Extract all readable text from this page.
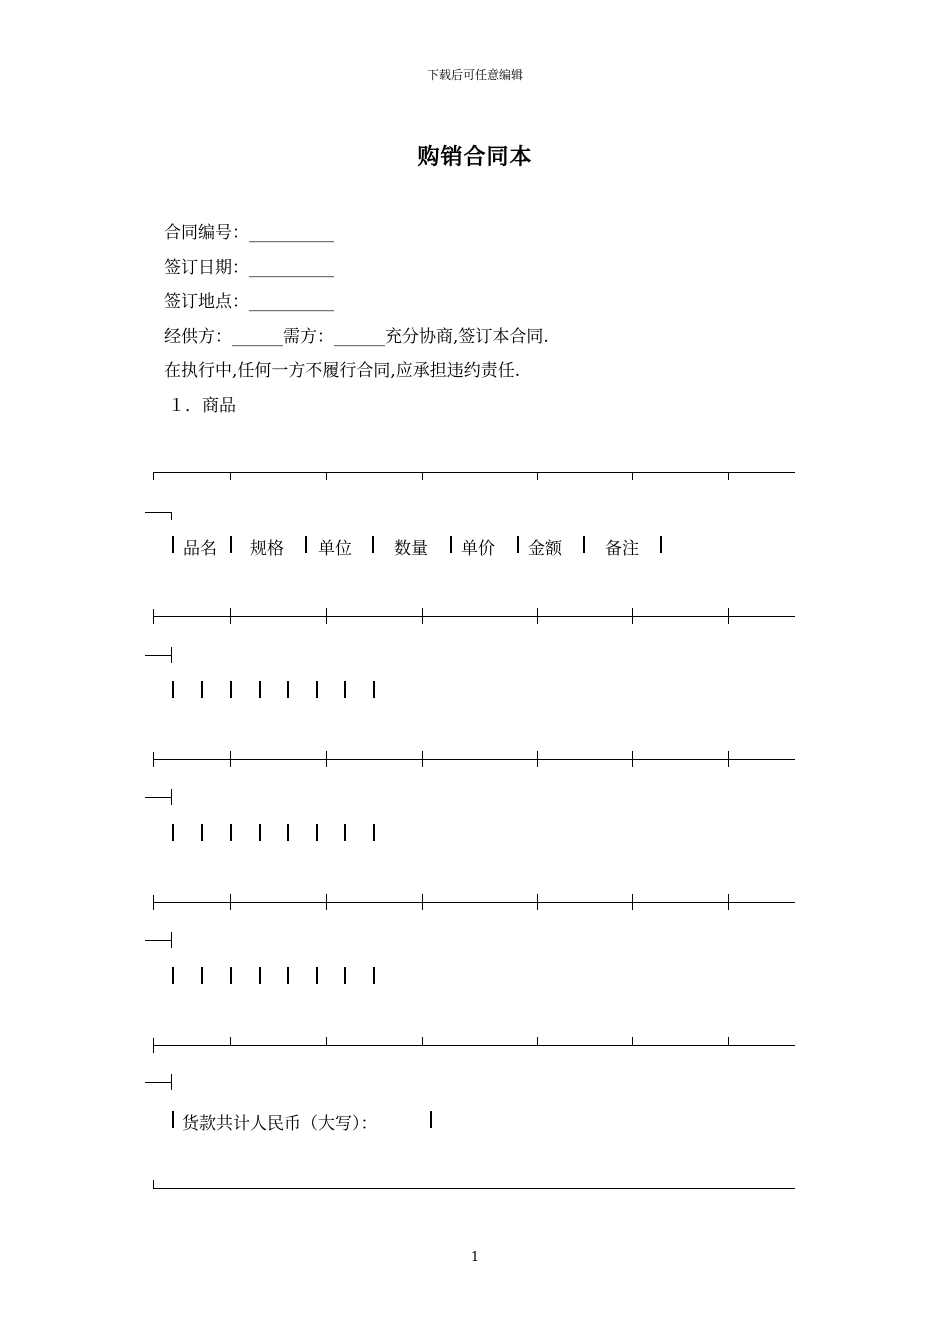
下载后可任意编辑
购销合同本
合同编号：__________
签订日期：__________
签订地点：__________
经供方：______需方：______充分协商,签订本合同.
在执行中,任何一方不履行合同,应承担违约责任.
１．商品

品名

规格

单位

数量

单价

金额

	备注

货款共计人民币（大写）：

1
